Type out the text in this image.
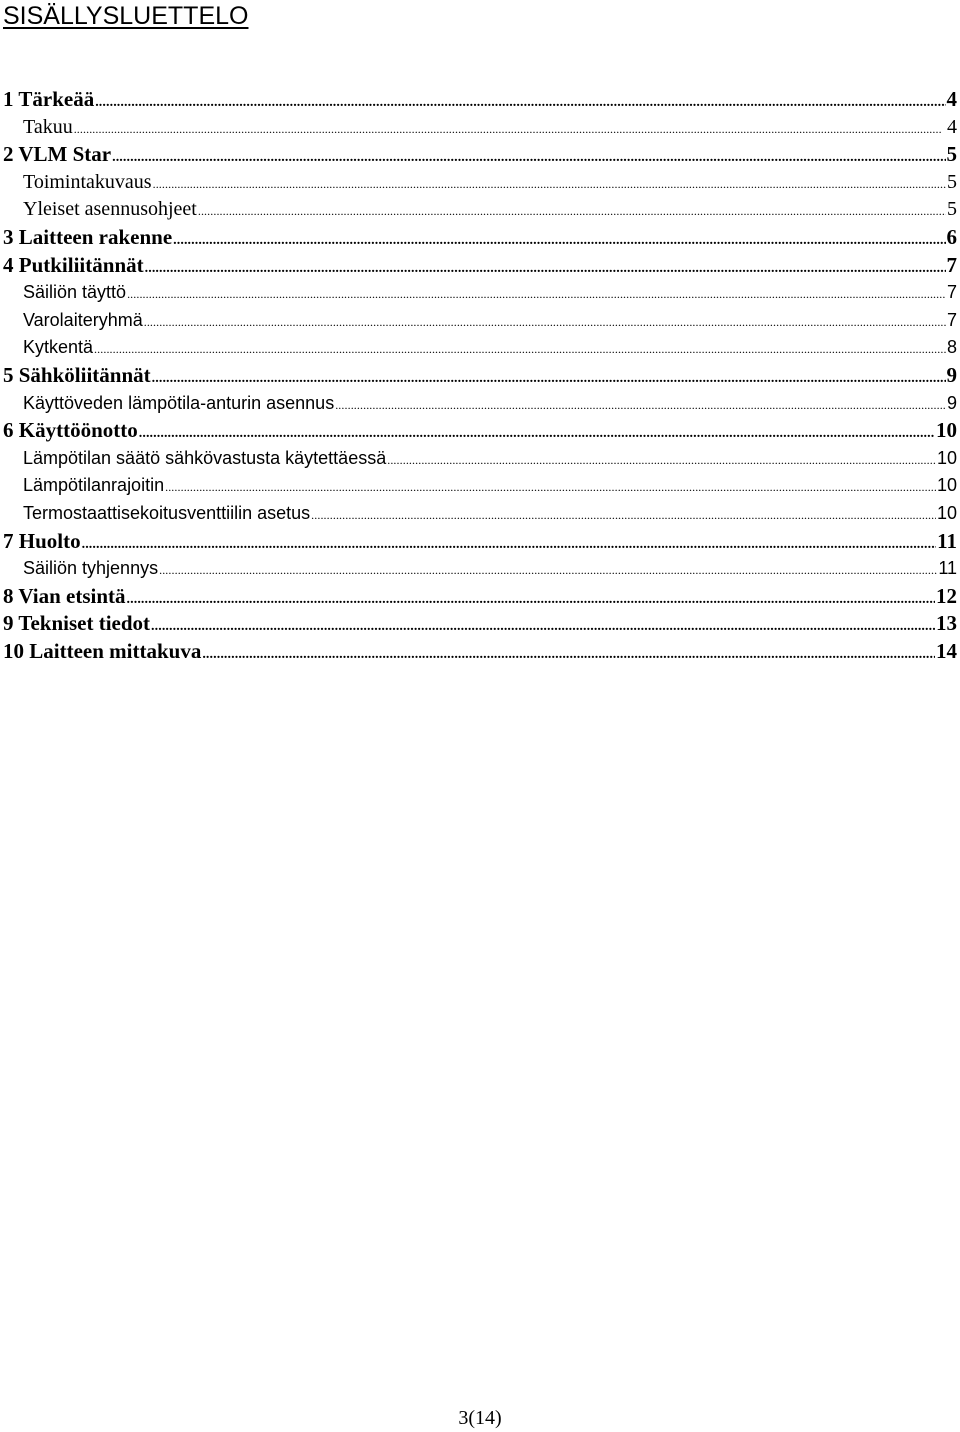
SISÄLLYSLUETTELO
1 Tärkeää .....	4
Takuu .....	4
2 VLM Star .....	5
Toimintakuvaus .....	5
Yleiset asennusohjeet .....	5
3 Laitteen rakenne .....	6
4 Putkiliitännät .....	7
Säiliön täyttö .....	7
Varolaiteryhmä .....	7
Kytkentä .....	8
5 Sähköliitännät .....	9
Käyttöveden lämpötila-anturin asennus .....	9
6 Käyttöönotto .....	10
Lämpötilan säätö sähkövastusta käytettäessä .....	10
Lämpötilanrajoitin .....	10
Termostaattisekoitusventtiilin asetus .....	10
7 Huolto .....	11
Säiliön tyhjennys .....	11
8 Vian etsintä .....	12
9 Tekniset tiedot .....	13
10 Laitteen mittakuva .....	14
3(14)
